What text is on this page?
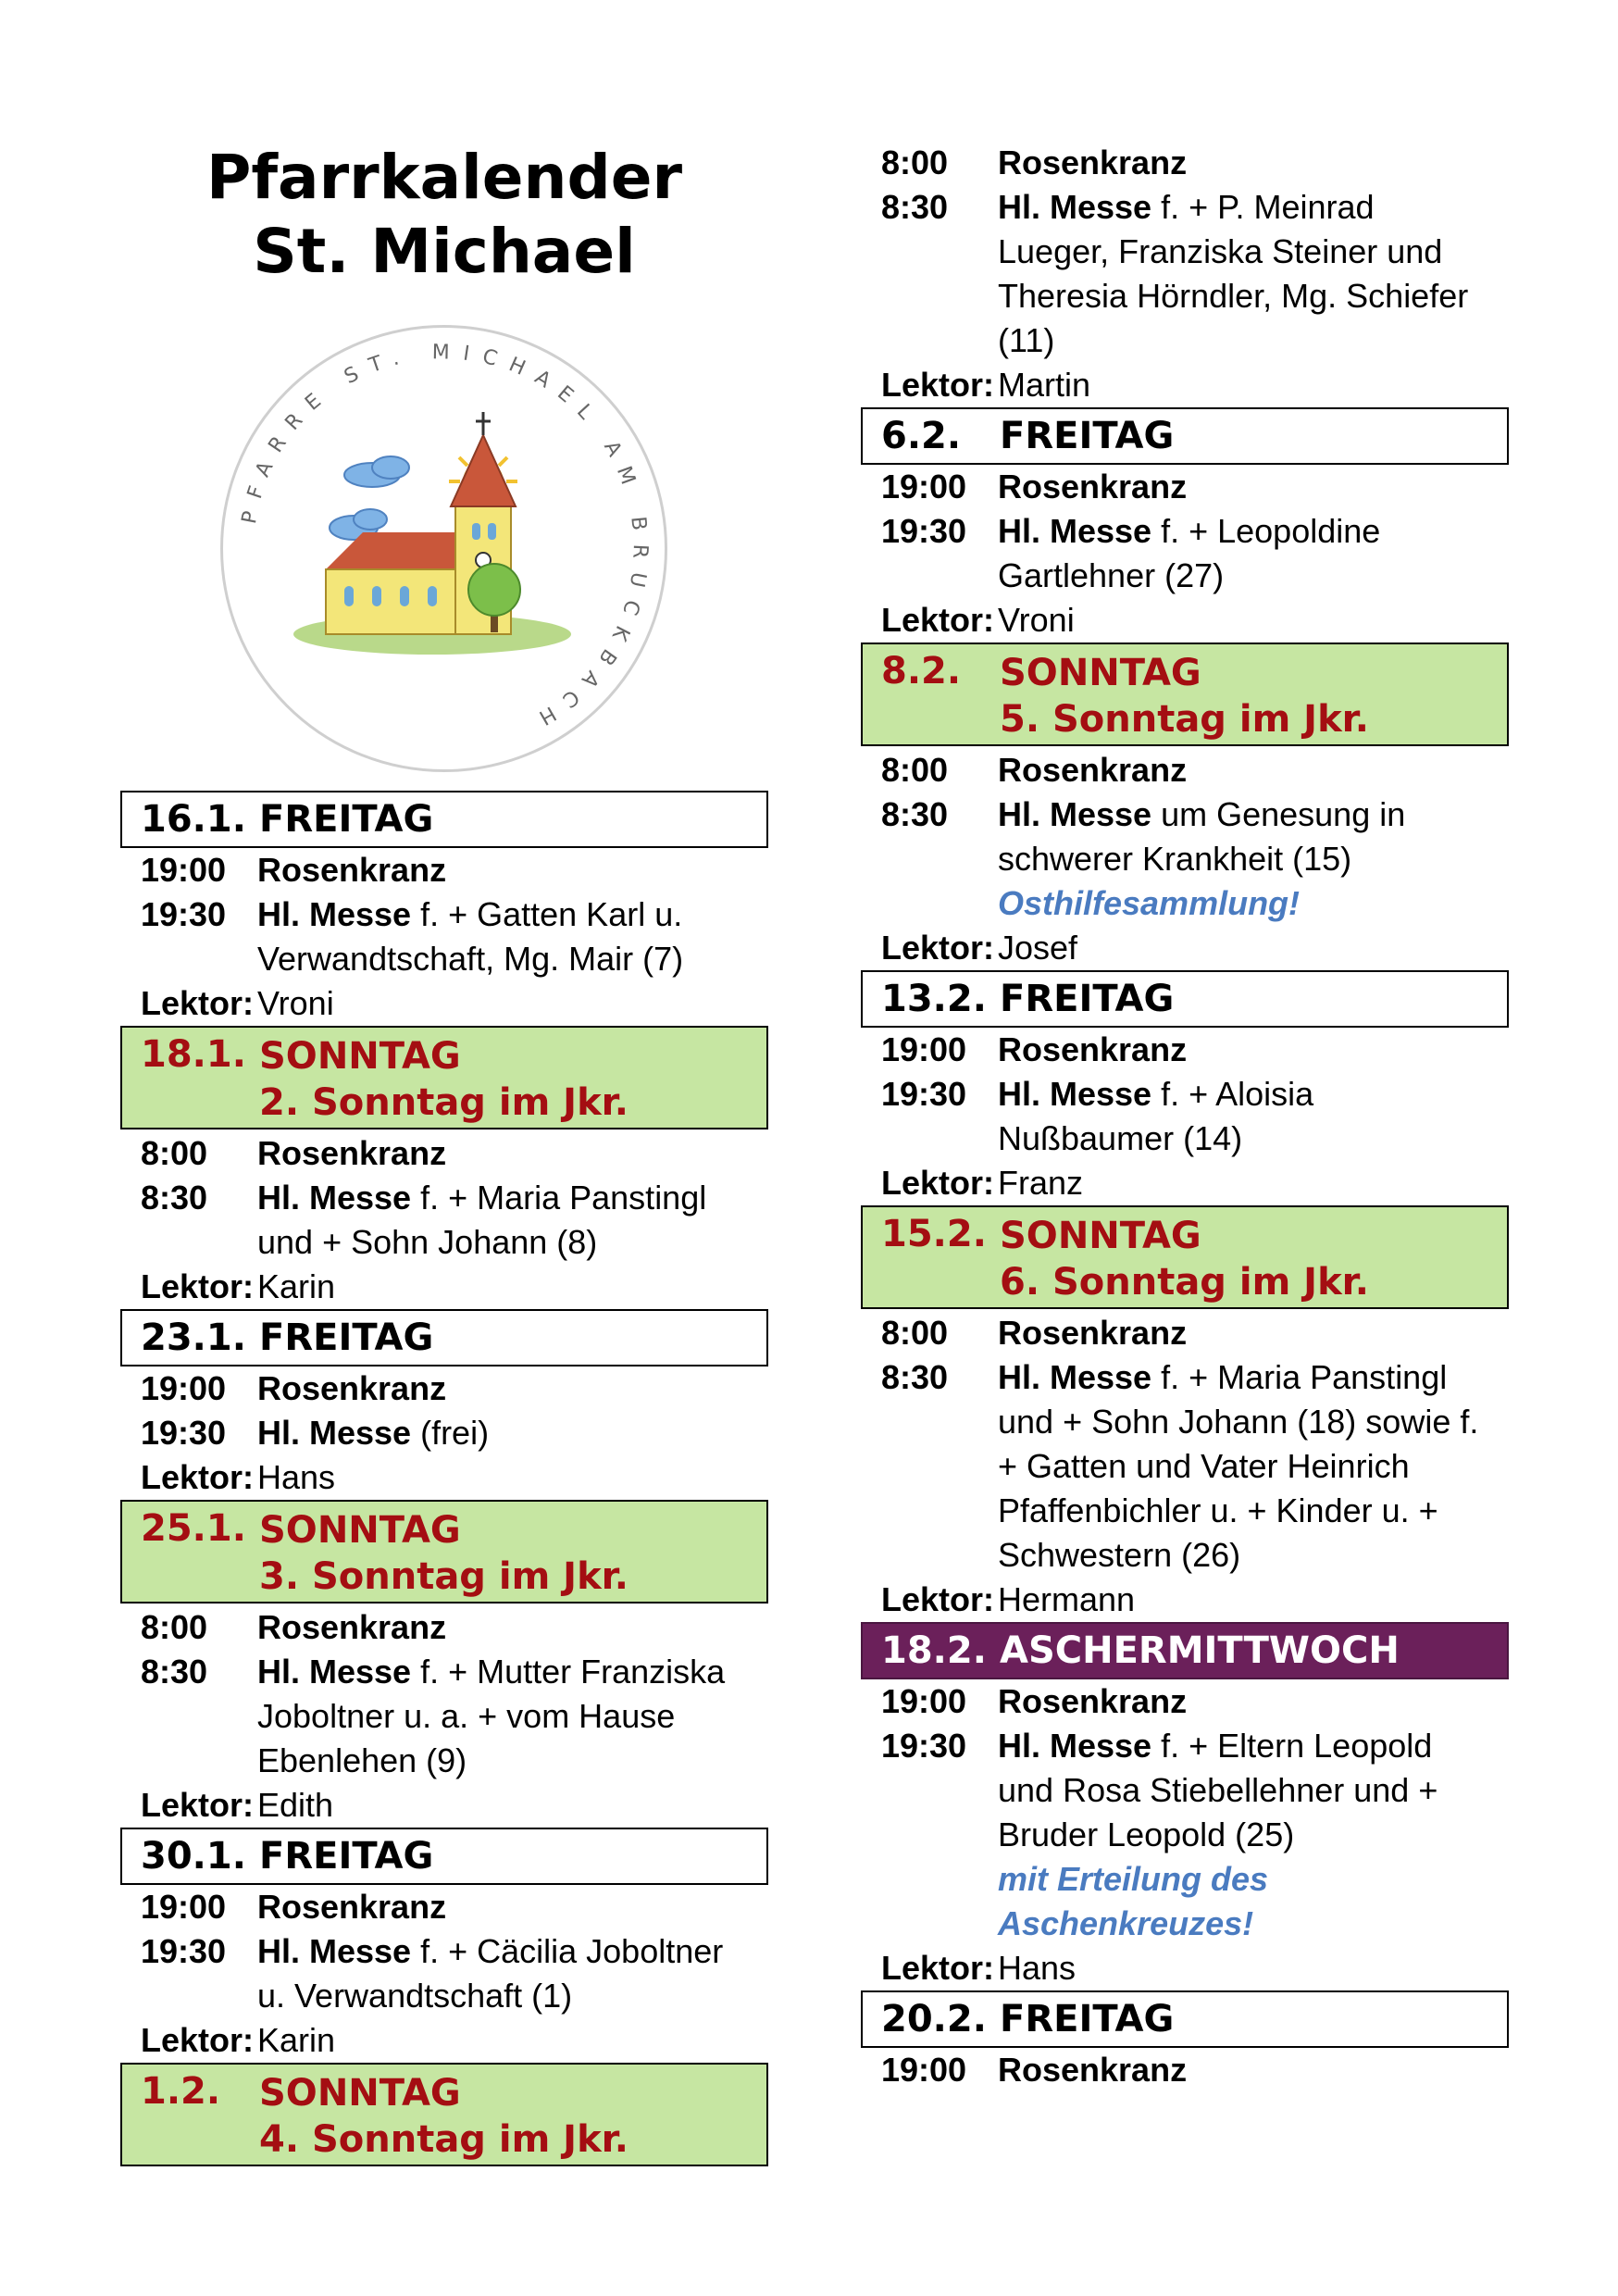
Pfarrkalender
St. Michael
PFARRE ST. MICHAEL AM BRUCKBACH
16.1. FREITAG
19:00 Rosenkranz
19:30 Hl. Messe f. + Gatten Karl u.
Verwandtschaft, Mg. Mair (7)
Lektor: Vroni
18.1. SONNTAG
2. Sonntag im Jkr.
8:00	Rosenkranz
8:30	Hl. Messe f. + Maria Panstingl
und + Sohn Johann (8)
Lektor: Karin
23.1. FREITAG
19:00 Rosenkranz
19:30 Hl. Messe (frei)
Lektor: Hans
25.1. SONNTAG
3. Sonntag im Jkr.
8:00	Rosenkranz
8:30	Hl. Messe f. + Mutter Franziska
Joboltner u. a. + vom Hause
Ebenlehen (9)
Lektor: Edith
30.1. FREITAG
19:00 Rosenkranz
19:30 Hl. Messe f. + Cäcilia Joboltner
u. Verwandtschaft (1)
Lektor: Karin
1.2.	SONNTAG
4. Sonntag im Jkr.
8:00	Rosenkranz
8:30	Hl. Messe f. + P. Meinrad
Lueger, Franziska Steiner und
Theresia Hörndler, Mg. Schiefer
(11)
Lektor: Martin
6.2.	FREITAG
19:00 Rosenkranz
19:30 Hl. Messe f. + Leopoldine
Gartlehner (27)
Lektor: Vroni
8.2.	SONNTAG
5. Sonntag im Jkr.
8:00	Rosenkranz
8:30	Hl. Messe um Genesung in
schwerer Krankheit (15)
Osthilfesammlung!
Lektor: Josef
13.2. FREITAG
19:00 Rosenkranz
19:30 Hl. Messe f. + Aloisia
Nußbaumer (14)
Lektor: Franz
15.2. SONNTAG
6. Sonntag im Jkr.
8:00	Rosenkranz
8:30	Hl. Messe f. + Maria Panstingl
und + Sohn Johann (18) sowie f.
+ Gatten und Vater Heinrich
Pfaffenbichler u. + Kinder u. +
Schwestern (26)
Lektor: Hermann
18.2. ASCHERMITTWOCH
19:00 Rosenkranz
19:30 Hl. Messe f. + Eltern Leopold
und Rosa Stiebellehner und +
Bruder Leopold (25)
mit Erteilung des
Aschenkreuzes!
Lektor: Hans
20.2. FREITAG
19:00 Rosenkranz
